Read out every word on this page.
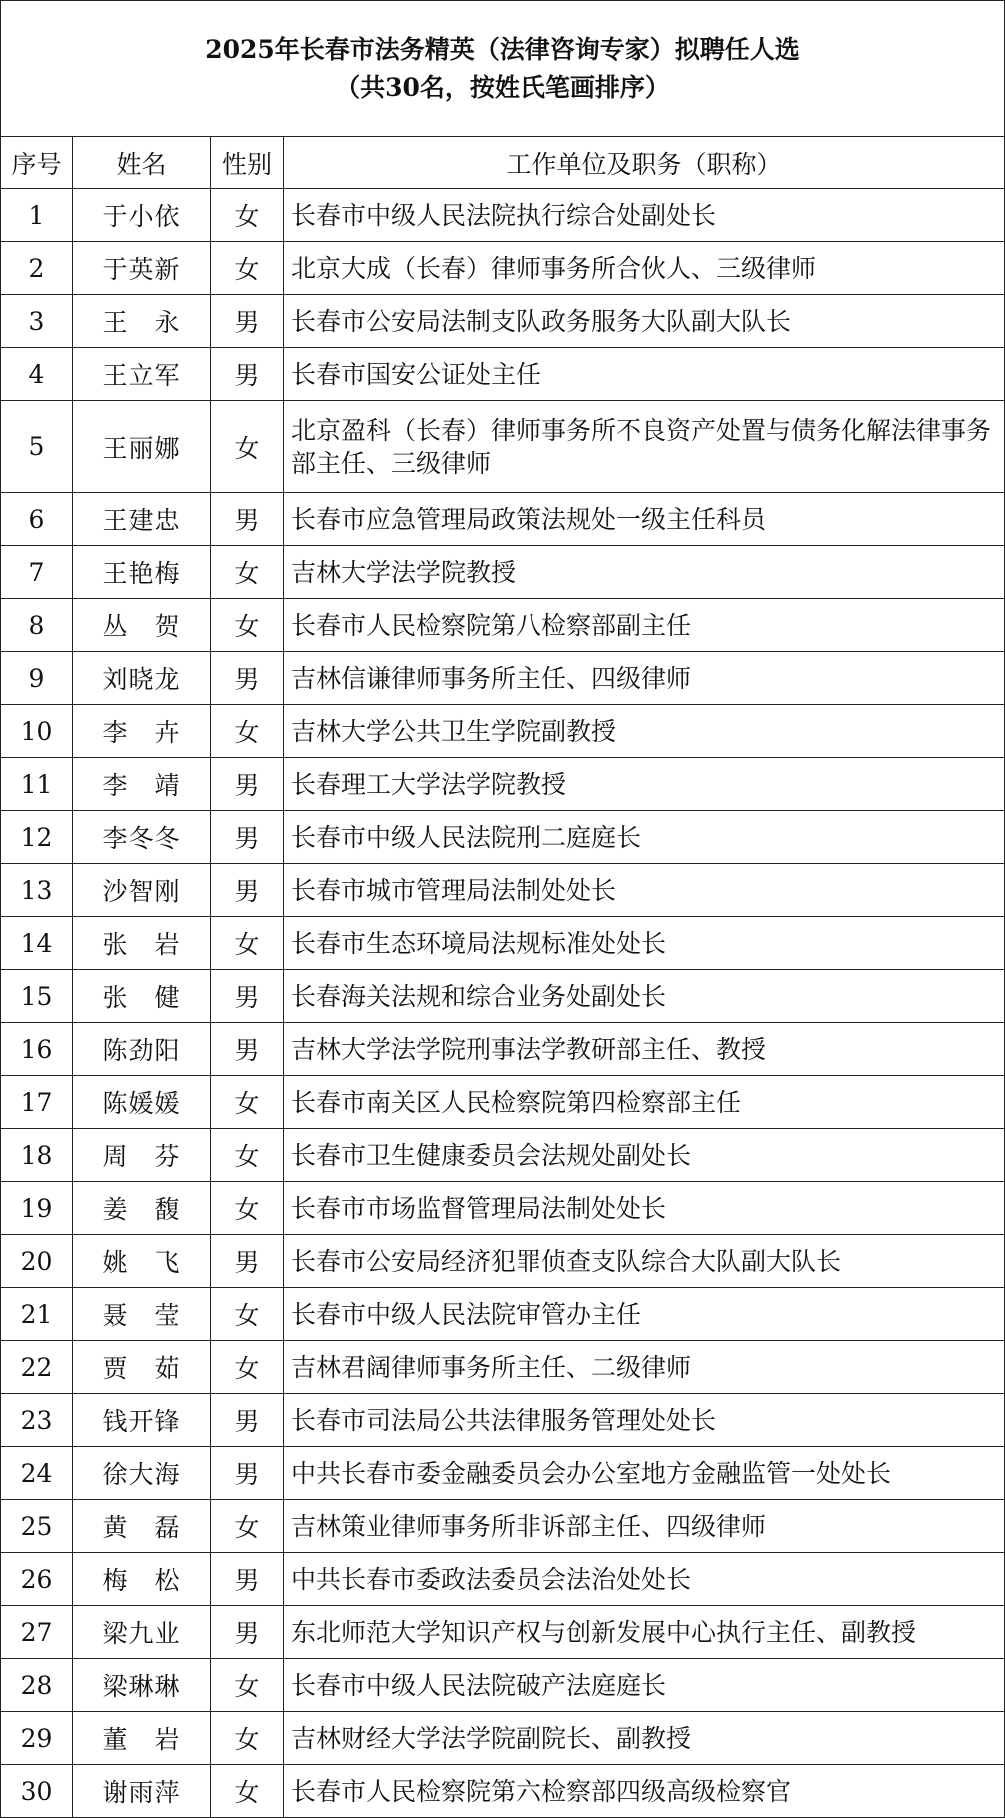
2025年长春市法务精英（法律咨询专家）拟聘任人选
（共30名，按姓氏笔画排序）			

序号	姓名	性别	工作单位及职务（职称）
1	于小依	女	长春市中级人民法院执行综合处副处长
2	于英新	女	北京大成（长春）律师事务所合伙人、三级律师
3	王　永	男	长春市公安局法制支队政务服务大队副大队长
4	王立军	男	长春市国安公证处主任
5	王丽娜	女	北京盈科（长春）律师事务所不良资产处置与债务化解法律事务部主任、三级律师
6	王建忠	男	长春市应急管理局政策法规处一级主任科员
7	王艳梅	女	吉林大学法学院教授
8	丛　贺	女	长春市人民检察院第八检察部副主任
9	刘晓龙	男	吉林信谦律师事务所主任、四级律师
10	李　卉	女	吉林大学公共卫生学院副教授
11	李　靖	男	长春理工大学法学院教授
12	李冬冬	男	长春市中级人民法院刑二庭庭长
13	沙智刚	男	长春市城市管理局法制处处长
14	张　岩	女	长春市生态环境局法规标准处处长
15	张　健	男	长春海关法规和综合业务处副处长
16	陈劲阳	男	吉林大学法学院刑事法学教研部主任、教授
17	陈媛媛	女	长春市南关区人民检察院第四检察部主任
18	周　芬	女	长春市卫生健康委员会法规处副处长
19	姜　馥	女	长春市市场监督管理局法制处处长
20	姚　飞	男	长春市公安局经济犯罪侦查支队综合大队副大队长
21	聂　莹	女	长春市中级人民法院审管办主任
22	贾　茹	女	吉林君阔律师事务所主任、二级律师
23	钱开锋	男	长春市司法局公共法律服务管理处处长
24	徐大海	男	中共长春市委金融委员会办公室地方金融监管一处处长
25	黄　磊	女	吉林策业律师事务所非诉部主任、四级律师
26	梅　松	男	中共长春市委政法委员会法治处处长
27	梁九业	男	东北师范大学知识产权与创新发展中心执行主任、副教授
28	梁琳琳	女	长春市中级人民法院破产法庭庭长
29	董　岩	女	吉林财经大学法学院副院长、副教授
30	谢雨萍	女	长春市人民检察院第六检察部四级高级检察官
